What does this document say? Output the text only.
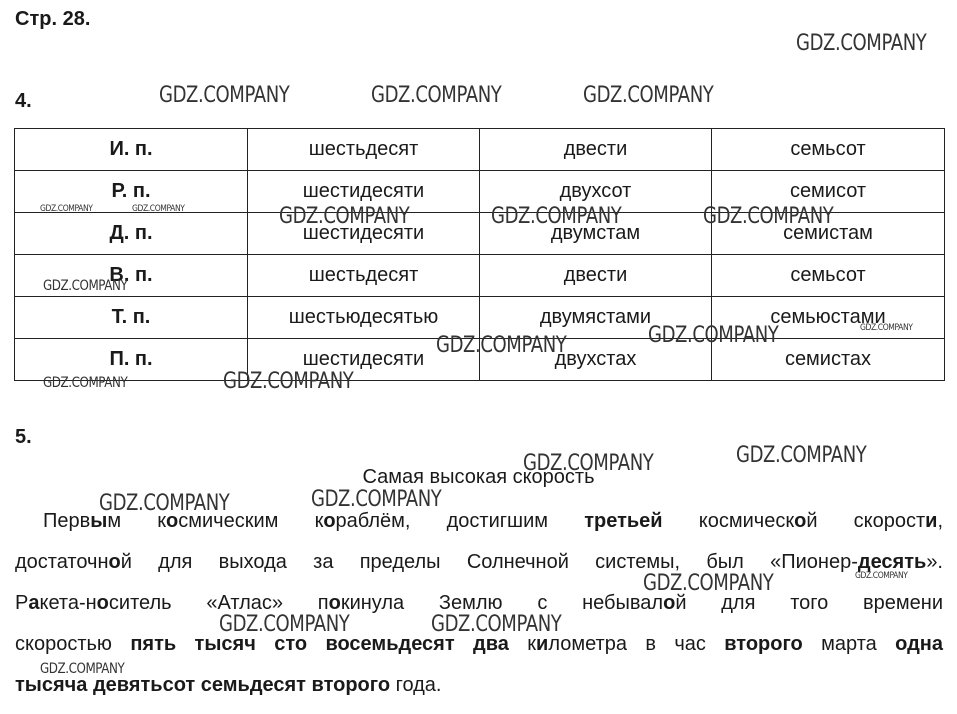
Стр. 28.
4.
И. п.	шестьдесят	двести	семьсот
Р. п.	шестидесяти	двухсот	семисот
Д. п.	шестидесяти	двумстам	семистам
В. п.	шестьдесят	двести	семьсот
Т. п.	шестьюдесятью	двумястами	семьюстами
П. п.	шестидесяти	двухстах	семистах
5.
Самая высокая скорость
Первым космическим кораблём, достигшим третьей космической скорости,
достаточной для выхода за пределы Солнечной системы, был «Пионер-десять».
Ракета-носитель «Атлас» покинула Землю с небывалой для того времени
скоростью пять тысяч сто восемьдесят два километра в час второго марта одна
тысяча девятьсот семьдесят второго года.
GDZ.COMPANY
GDZ.COMPANY	GDZ.COMPANY	GDZ.COMPANY
GDZ.COMPANY	GDZ.COMPANY	GDZ.COMPANY	GDZ.COMPANY	GDZ.COMPANY
GDZ.COMPANY
GDZ.COMPANY
GDZ.COMPANY
GDZ.COMPANY
GDZ.COMPANY
GDZ.COMPANY
GDZ.COMPANY
GDZ.COMPANY
GDZ.COMPANY	GDZ.COMPANY
GDZ.COMPANY	GDZ.COMPANY
GDZ.COMPANY	GDZ.COMPANY
GDZ.COMPANY
